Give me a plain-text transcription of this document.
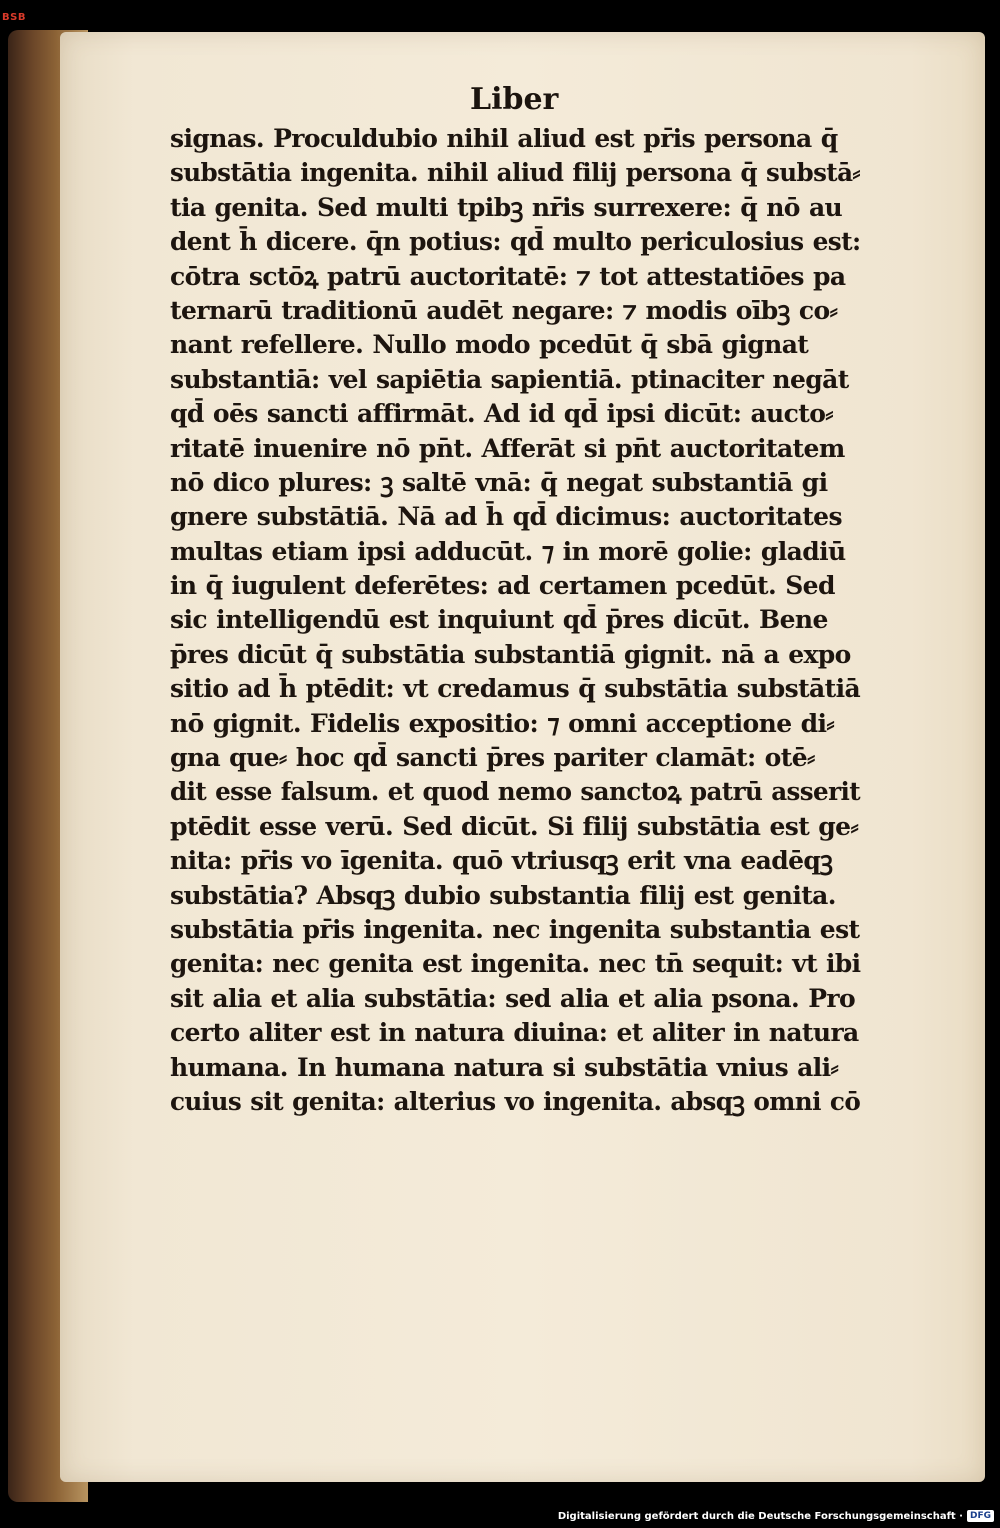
BSB
Liber
signas. Proculdubio nihil aliud est pr̄is persona q̄
substātia ingenita. nihil aliud filij persona q̄ substā⸗
tia genita. Sed multi tpibꝫ nr̄is surrexere: q̄ nō au
dent h̄ dicere. q̄n potius: qd̄ multo periculosius est:
cōtra sctōꝝ patrū auctoritatē: ⁊ tot attestatiōes pa
ternarū traditionū audēt negare: ⁊ modis oībꝫ co⸗
nant refellere. Nullo modo pcedūt q̄ sbā gignat
substantiā: vel sapiētia sapientiā. ptinaciter negāt
qd̄ oēs sancti affirmāt. Ad id qd̄ ipsi dicūt: aucto⸗
ritatē inuenire nō pn̄t. Afferāt si pn̄t auctoritatem
nō dico plures: ꝫ saltē vnā: q̄ negat substantiā gi
gnere substātiā. Nā ad h̄ qd̄ dicimus: auctoritates
multas etiam ipsi adducūt. ⁊ in morē golie: gladiū
in q̄ iugulent deferētes: ad certamen pcedūt. Sed
sic intelligendū est inquiunt qd̄ p̄res dicūt. Bene
p̄res dicūt q̄ substātia substantiā gignit. nā a expo
sitio ad h̄ ptēdit: vt credamus q̄ substātia substātiā
nō gignit. Fidelis expositio: ⁊ omni acceptione di⸗
gna que⸗ hoc qd̄ sancti p̄res pariter clamāt: otē⸗
dit esse falsum. et quod nemo sanctoꝝ patrū asserit
ptēdit esse verū. Sed dicūt. Si filij substātia est ge⸗
nita: pr̄is vo īgenita. quō vtriusqꝫ erit vna eadēqꝫ
substātia? Absqꝫ dubio substantia filij est genita.
substātia pr̄is ingenita. nec ingenita substantia est
genita: nec genita est ingenita. nec tn̄ sequit: vt ibi
sit alia et alia substātia: sed alia et alia psona. Pro
certo aliter est in natura diuina: et aliter in natura
humana. In humana natura si substātia vnius ali⸗
cuius sit genita: alterius vo ingenita. absqꝫ omni cō
Digitalisierung gefördert durch die Deutsche Forschungsgemeinschaft · DFG
